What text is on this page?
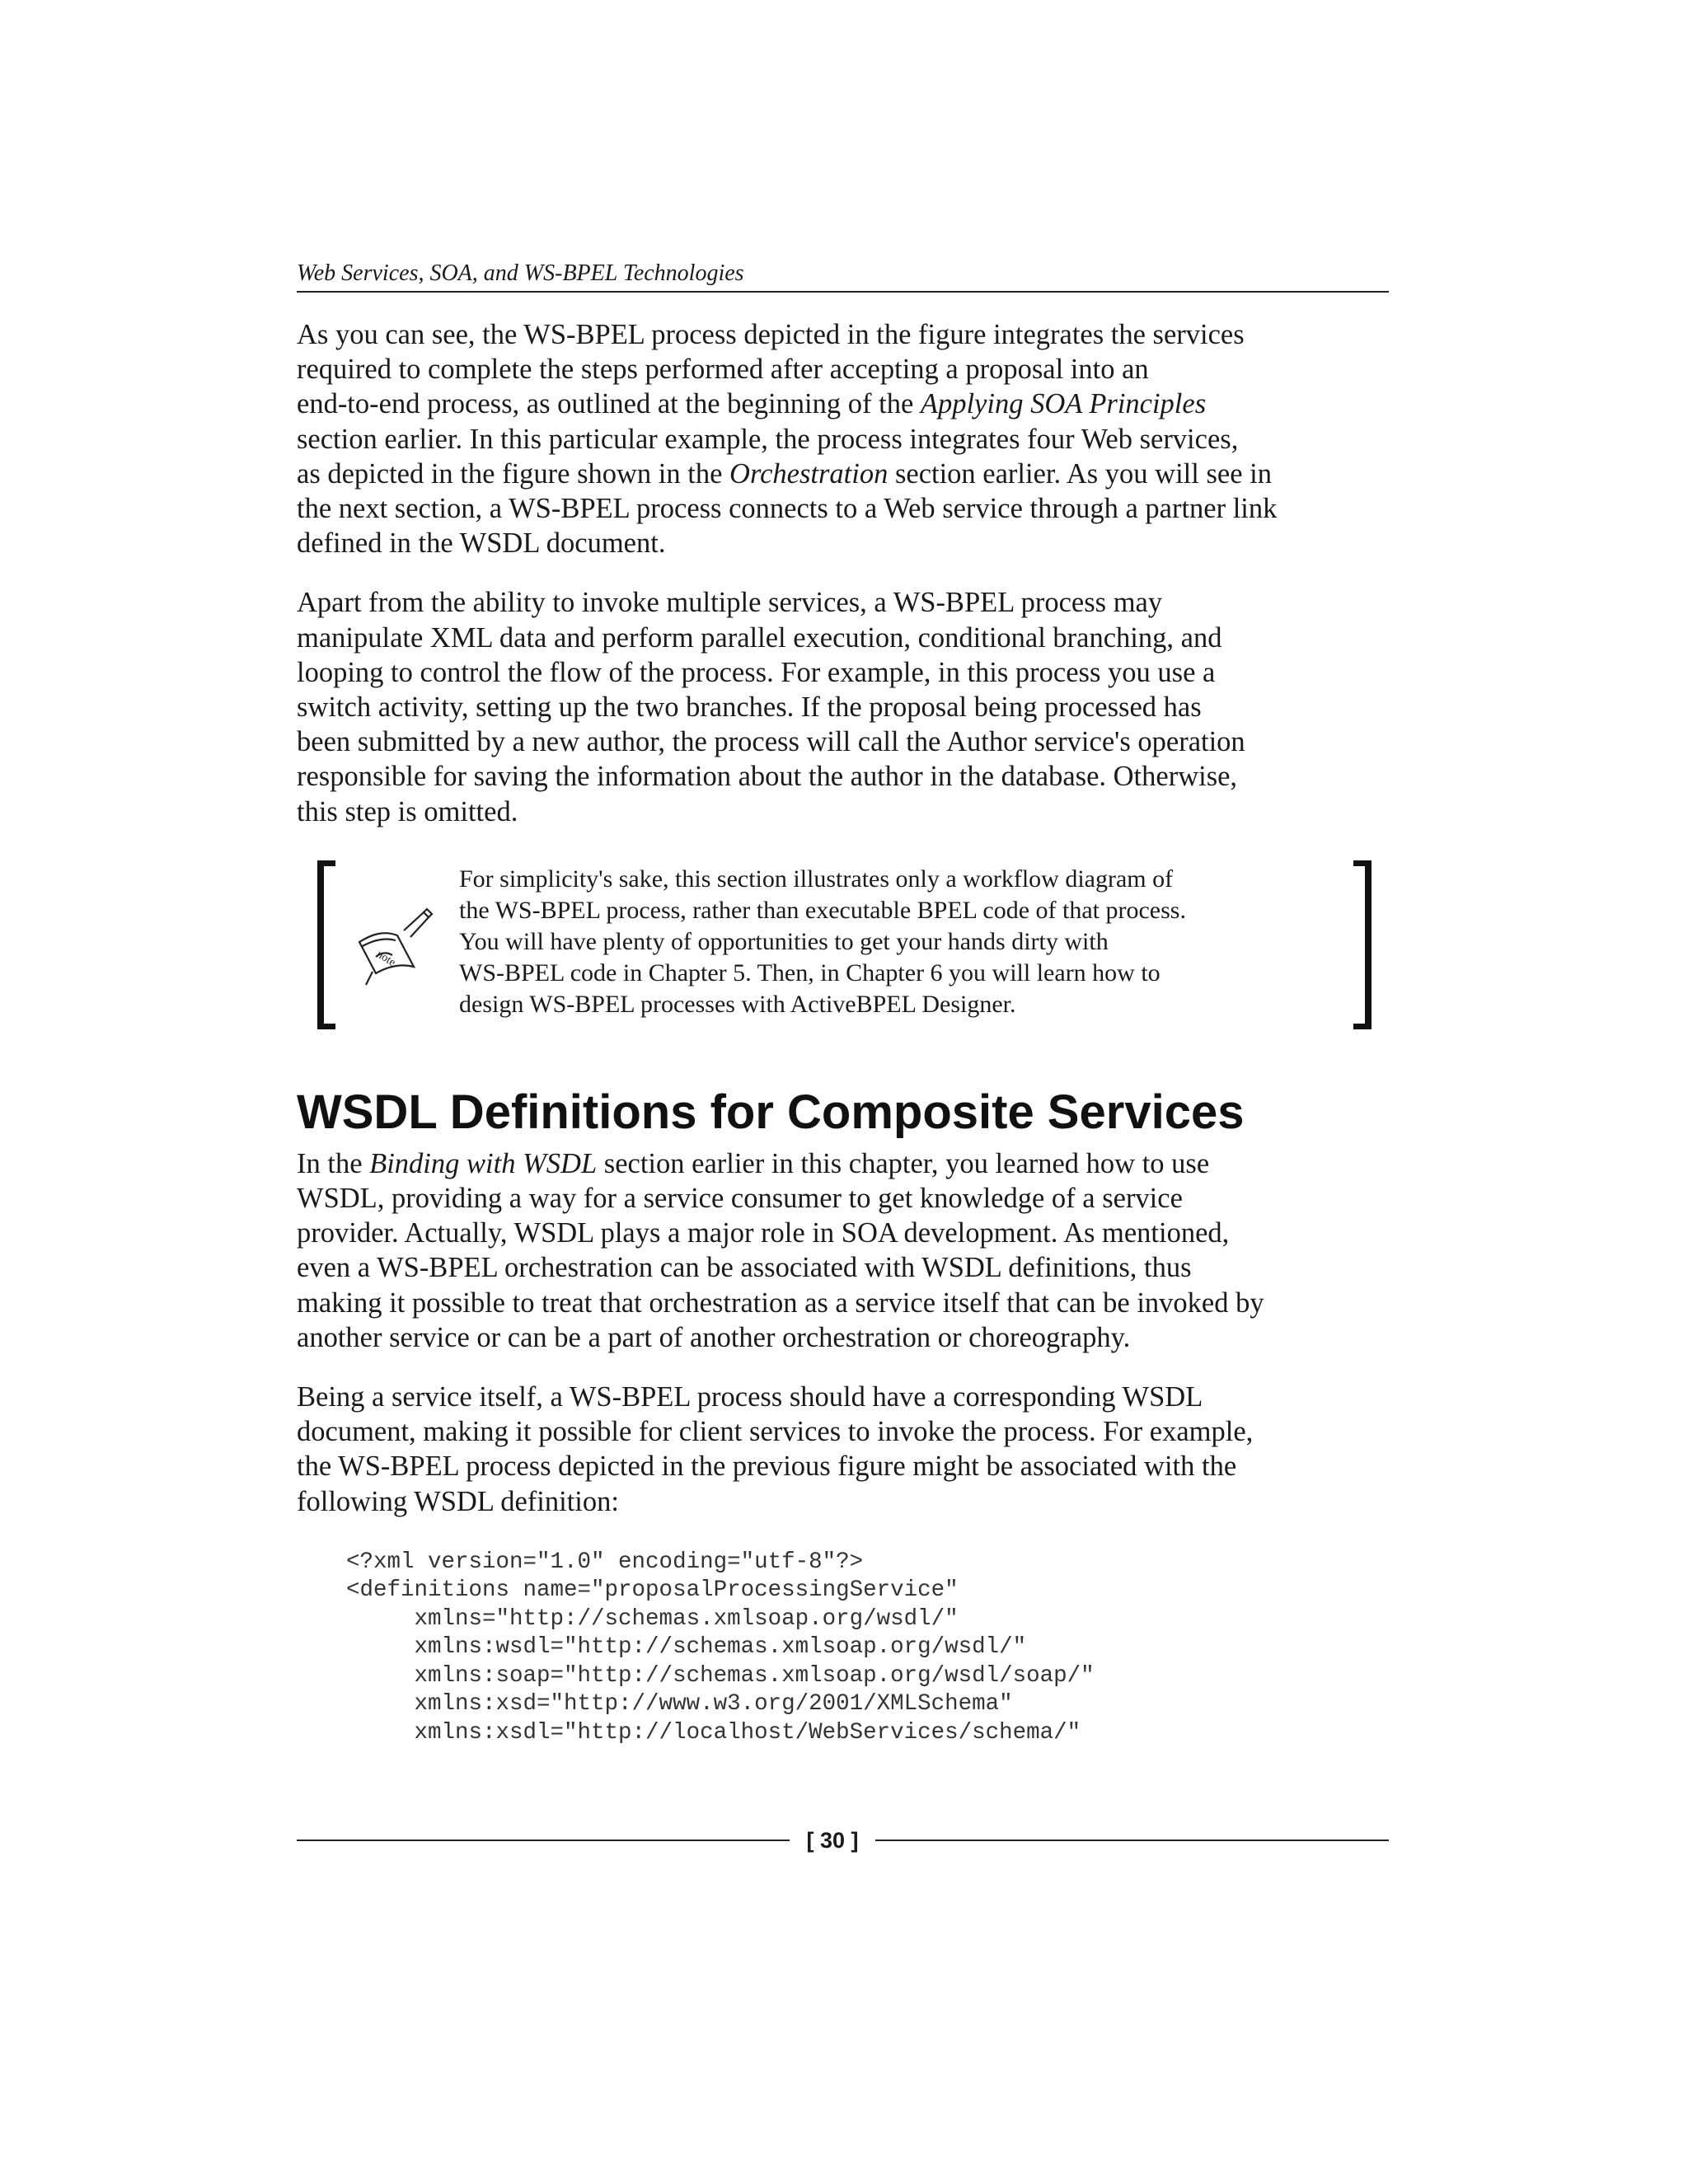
Web Services, SOA, and WS-BPEL Technologies

As you can see, the WS-BPEL process depicted in the figure integrates the services
required to complete the steps performed after accepting a proposal into an
end-to-end process, as outlined at the beginning of the Applying SOA Principles
section earlier. In this particular example, the process integrates four Web services,
as depicted in the figure shown in the Orchestration section earlier. As you will see in
the next section, a WS-BPEL process connects to a Web service through a partner link
defined in the WSDL document.

Apart from the ability to invoke multiple services, a WS-BPEL process may
manipulate XML data and perform parallel execution, conditional branching, and
looping to control the flow of the process. For example, in this process you use a
switch activity, setting up the two branches. If the proposal being processed has
been submitted by a new author, the process will call the Author service's operation
responsible for saving the information about the author in the database. Otherwise,
this step is omitted.

note
For simplicity's sake, this section illustrates only a workflow diagram of
the WS-BPEL process, rather than executable BPEL code of that process.
You will have plenty of opportunities to get your hands dirty with
WS-BPEL code in Chapter 5. Then, in Chapter 6 you will learn how to
design WS-BPEL processes with ActiveBPEL Designer.
WSDL Definitions for Composite Services

In the Binding with WSDL section earlier in this chapter, you learned how to use
WSDL, providing a way for a service consumer to get knowledge of a service
provider. Actually, WSDL plays a major role in SOA development. As mentioned,
even a WS-BPEL orchestration can be associated with WSDL definitions, thus
making it possible to treat that orchestration as a service itself that can be invoked by
another service or can be a part of another orchestration or choreography.

Being a service itself, a WS-BPEL process should have a corresponding WSDL
document, making it possible for client services to invoke the process. For example,
the WS-BPEL process depicted in the previous figure might be associated with the
following WSDL definition:

<?xml version="1.0" encoding="utf-8"?>
<definitions name="proposalProcessingService"
xmlns="http://schemas.xmlsoap.org/wsdl/"
xmlns:wsdl="http://schemas.xmlsoap.org/wsdl/"
xmlns:soap="http://schemas.xmlsoap.org/wsdl/soap/"
xmlns:xsd="http://www.w3.org/2001/XMLSchema"
xmlns:xsdl="http://localhost/WebServices/schema/"
[ 30 ]
